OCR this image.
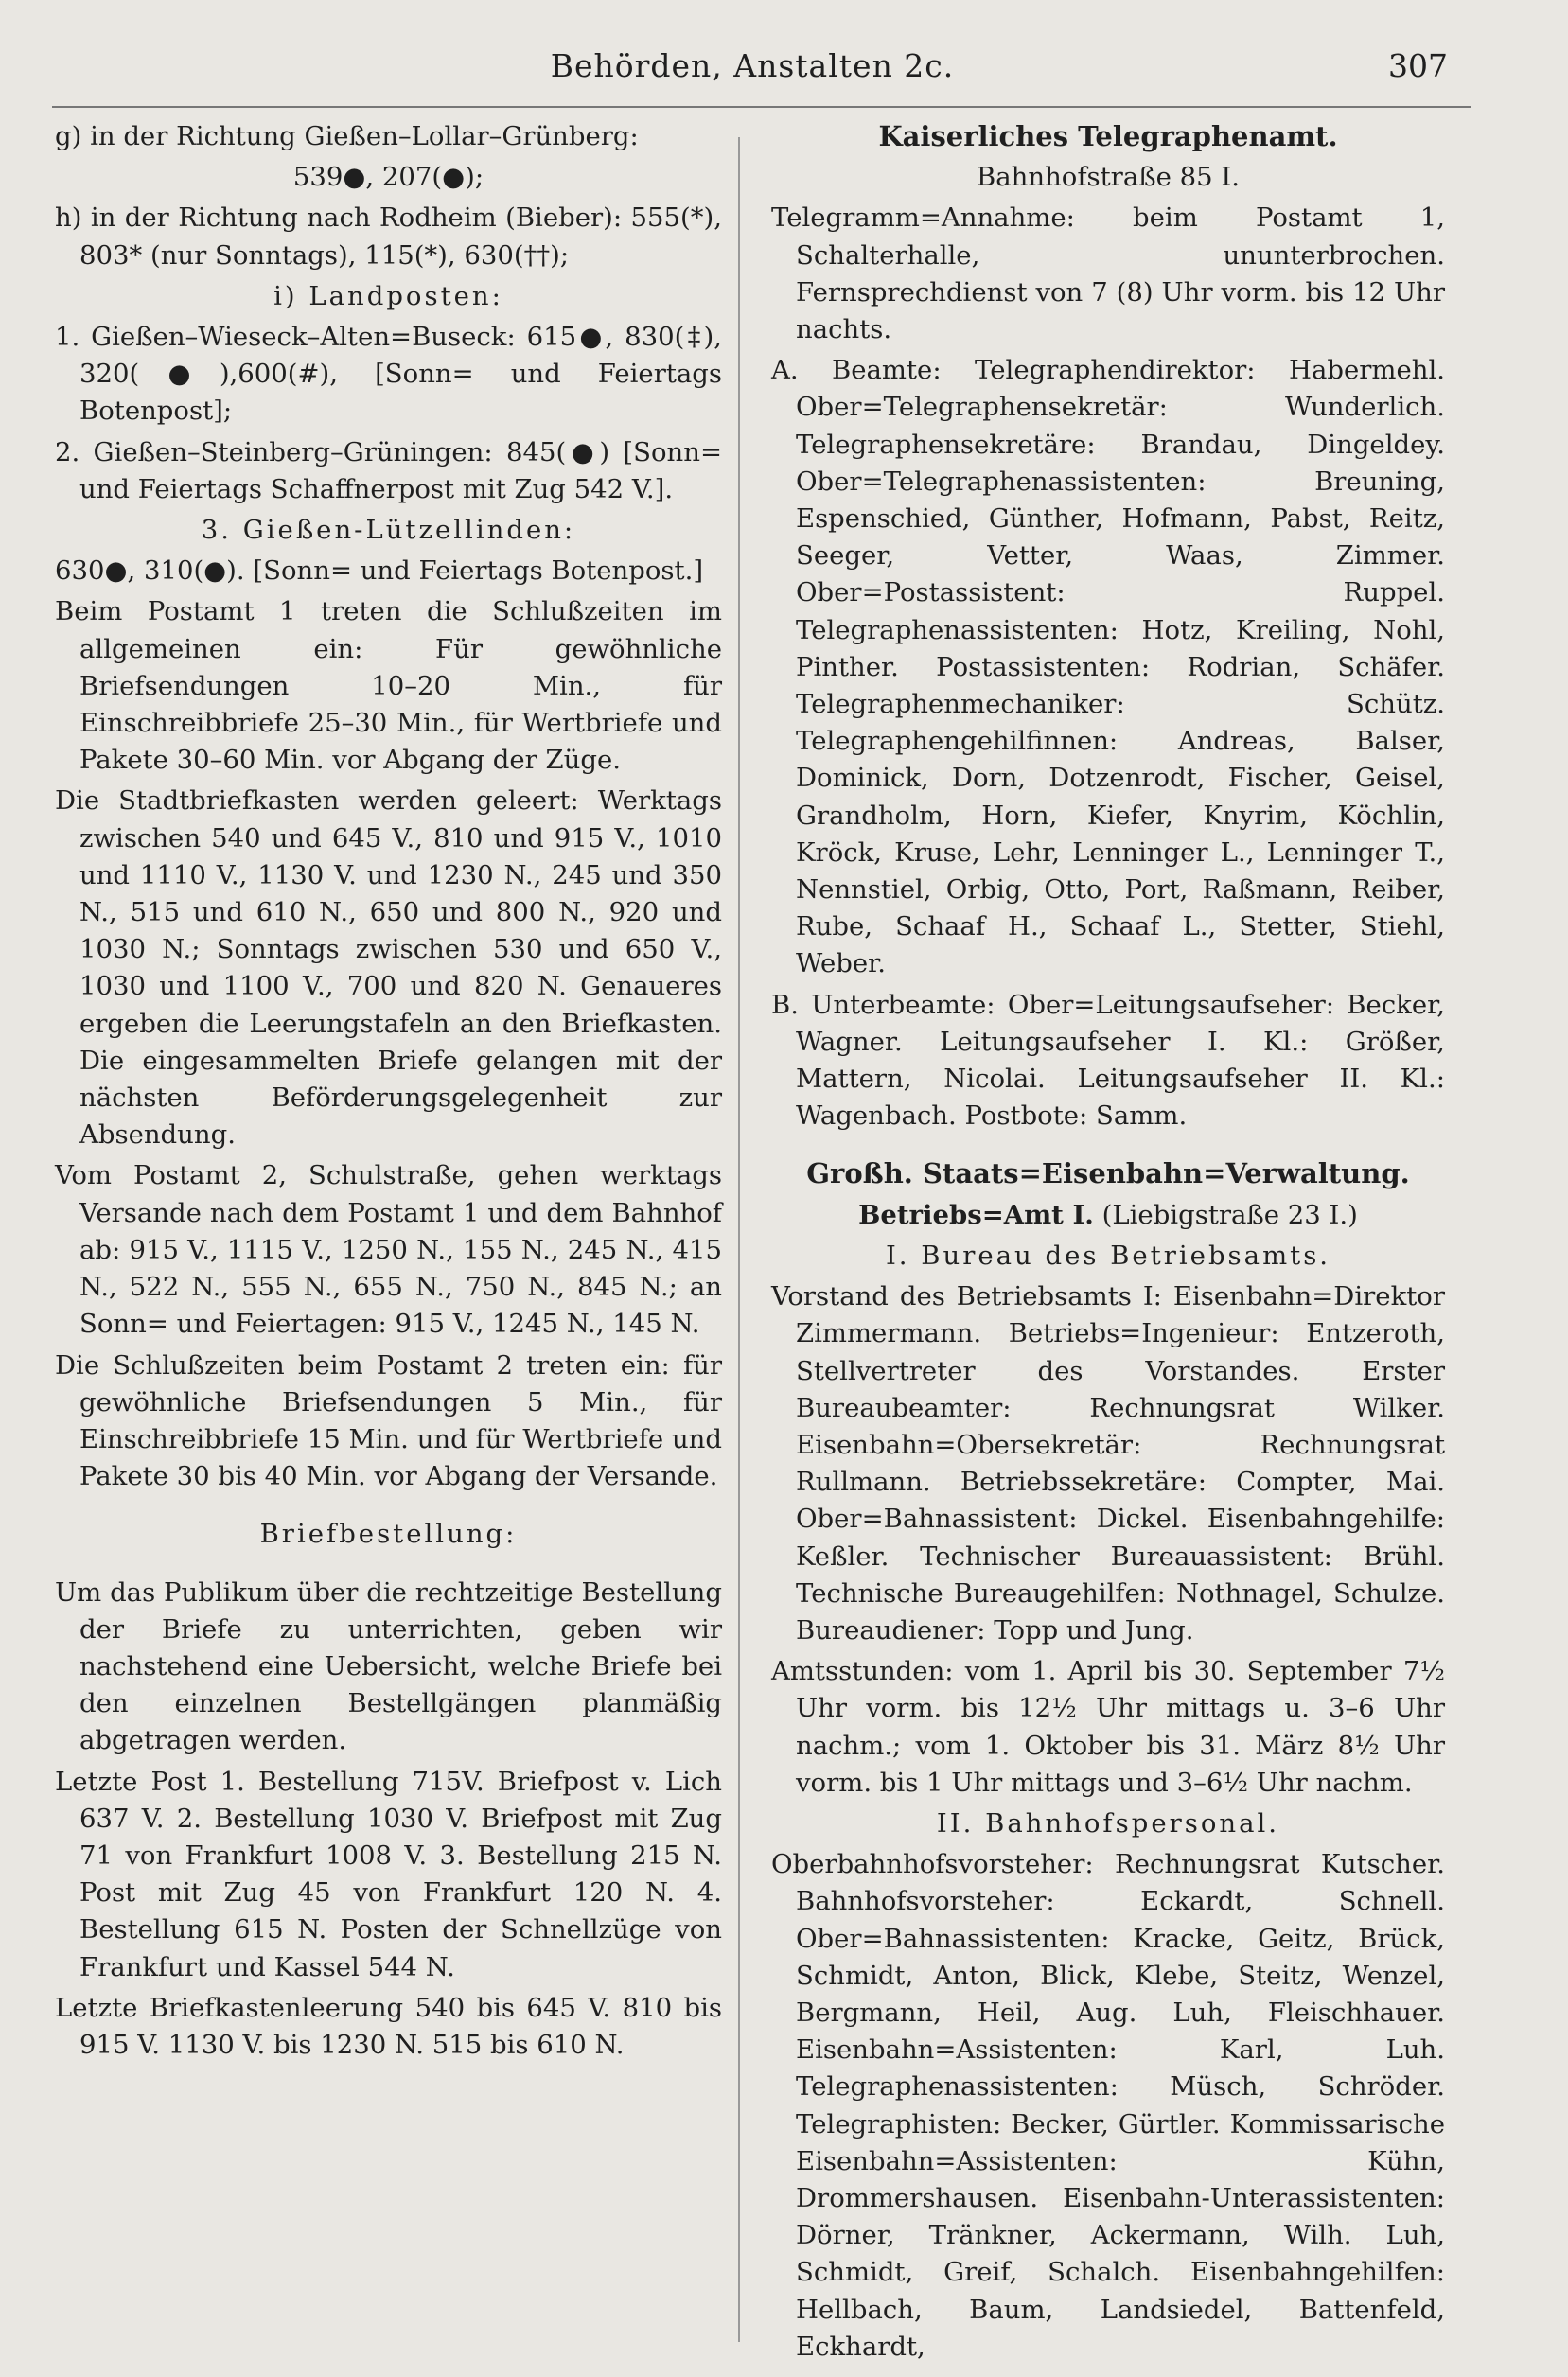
Behörden, Anstalten 2c.	307

g) in der Richtung Gießen–Lollar–Grünberg:

539●, 207(●);

h) in der Richtung nach Rodheim (Bieber): 555(*), 803* (nur Sonntags), 115(*), 630(††);

i) Landposten:

1. Gießen–Wieseck–Alten=Buseck: 615●, 830(‡), 320(●),600(#), [Sonn= und Feiertags Botenpost];

2. Gießen–Steinberg–Grüningen: 845(●) [Sonn= und Feiertags Schaffnerpost mit Zug 542 V.].

3. Gießen-Lützellinden:

630●, 310(●). [Sonn= und Feiertags Botenpost.]

Beim Postamt 1 treten die Schlußzeiten im allgemeinen ein: Für gewöhnliche Briefsendungen 10–20 Min., für Einschreibbriefe 25–30 Min., für Wertbriefe und Pakete 30–60 Min. vor Abgang der Züge.

Die Stadtbriefkasten werden geleert: Werktags zwischen 540 und 645 V., 810 und 915 V., 1010 und 1110 V., 1130 V. und 1230 N., 245 und 350 N., 515 und 610 N., 650 und 800 N., 920 und 1030 N.; Sonntags zwischen 530 und 650 V., 1030 und 1100 V., 700 und 820 N. Genaueres ergeben die Leerungstafeln an den Briefkasten. Die eingesammelten Briefe gelangen mit der nächsten Beförderungsgelegenheit zur Absendung.

Vom Postamt 2, Schulstraße, gehen werktags Versande nach dem Postamt 1 und dem Bahnhof ab: 915 V., 1115 V., 1250 N., 155 N., 245 N., 415 N., 522 N., 555 N., 655 N., 750 N., 845 N.; an Sonn= und Feiertagen: 915 V., 1245 N., 145 N.

Die Schlußzeiten beim Postamt 2 treten ein: für gewöhnliche Briefsendungen 5 Min., für Einschreibbriefe 15 Min. und für Wertbriefe und Pakete 30 bis 40 Min. vor Abgang der Versande.

Briefbestellung:

Um das Publikum über die rechtzeitige Bestellung der Briefe zu unterrichten, geben wir nachstehend eine Uebersicht, welche Briefe bei den einzelnen Bestellgängen planmäßig abgetragen werden.

Letzte Post 1. Bestellung 715V. Briefpost v. Lich 637 V. 2. Bestellung 1030 V. Briefpost mit Zug 71 von Frankfurt 1008 V. 3. Bestellung 215 N. Post mit Zug 45 von Frankfurt 120 N. 4. Bestellung 615 N. Posten der Schnellzüge von Frankfurt und Kassel 544 N.

Letzte Briefkastenleerung 540 bis 645 V. 810 bis 915 V. 1130 V. bis 1230 N. 515 bis 610 N.

Kaiserliches Telegraphenamt.

Bahnhofstraße 85 I.

Telegramm=Annahme: beim Postamt 1, Schalterhalle, ununterbrochen. Fernsprechdienst von 7 (8) Uhr vorm. bis 12 Uhr nachts.

A. Beamte: Telegraphendirektor: Habermehl. Ober=Telegraphensekretär: Wunderlich. Telegraphensekretäre: Brandau, Dingeldey. Ober=Telegraphenassistenten: Breuning, Espenschied, Günther, Hofmann, Pabst, Reitz, Seeger, Vetter, Waas, Zimmer. Ober=Postassistent: Ruppel. Telegraphenassistenten: Hotz, Kreiling, Nohl, Pinther. Postassistenten: Rodrian, Schäfer. Telegraphenmechaniker: Schütz. Telegraphengehilfinnen: Andreas, Balser, Dominick, Dorn, Dotzenrodt, Fischer, Geisel, Grandholm, Horn, Kiefer, Knyrim, Köchlin, Kröck, Kruse, Lehr, Lenninger L., Lenninger T., Nennstiel, Orbig, Otto, Port, Raßmann, Reiber, Rube, Schaaf H., Schaaf L., Stetter, Stiehl, Weber.

B. Unterbeamte: Ober=Leitungsaufseher: Becker, Wagner. Leitungsaufseher I. Kl.: Größer, Mattern, Nicolai. Leitungsaufseher II. Kl.: Wagenbach. Postbote: Samm.

Großh. Staats=Eisenbahn=Verwaltung.

Betriebs=Amt I. (Liebigstraße 23 I.)

I. Bureau des Betriebsamts.

Vorstand des Betriebsamts I: Eisenbahn=Direktor Zimmermann. Betriebs=Ingenieur: Entzeroth, Stellvertreter des Vorstandes. Erster Bureaubeamter: Rechnungsrat Wilker. Eisenbahn=Obersekretär: Rechnungsrat Rullmann. Betriebssekretäre: Compter, Mai. Ober=Bahnassistent: Dickel. Eisenbahngehilfe: Keßler. Technischer Bureauassistent: Brühl. Technische Bureaugehilfen: Nothnagel, Schulze. Bureaudiener: Topp und Jung.

Amtsstunden: vom 1. April bis 30. September 7½ Uhr vorm. bis 12½ Uhr mittags u. 3–6 Uhr nachm.; vom 1. Oktober bis 31. März 8½ Uhr vorm. bis 1 Uhr mittags und 3–6½ Uhr nachm.

II. Bahnhofspersonal.

Oberbahnhofsvorsteher: Rechnungsrat Kutscher. Bahnhofsvorsteher: Eckardt, Schnell. Ober=Bahnassistenten: Kracke, Geitz, Brück, Schmidt, Anton, Blick, Klebe, Steitz, Wenzel, Bergmann, Heil, Aug. Luh, Fleischhauer. Eisenbahn=Assistenten: Karl, Luh. Telegraphenassistenten: Müsch, Schröder. Telegraphisten: Becker, Gürtler. Kommissarische Eisenbahn=Assistenten: Kühn, Drommershausen. Eisenbahn-Unterassistenten: Dörner, Tränkner, Ackermann, Wilh. Luh, Schmidt, Greif, Schalch. Eisenbahngehilfen: Hellbach, Baum, Landsiedel, Battenfeld, Eckhardt,
